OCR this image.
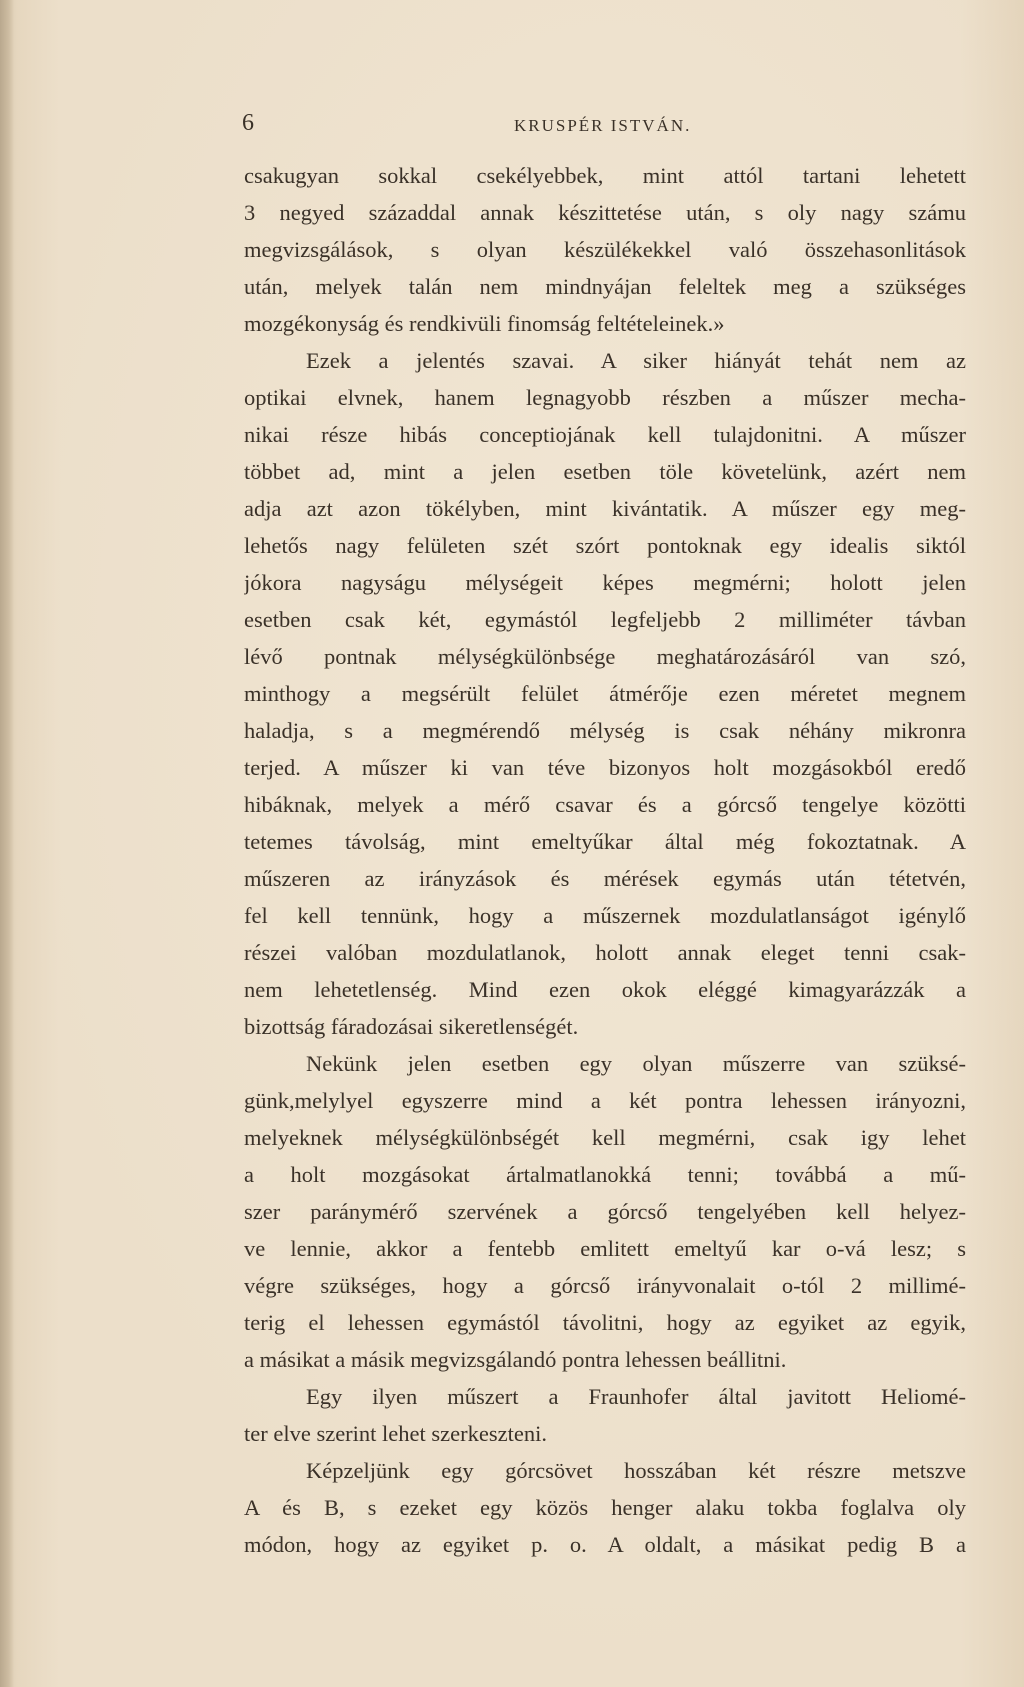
6	KRUSPÉR ISTVÁN.
csakugyan sokkal csekélyebbek, mint attól tartani lehetett
3 negyed századdal annak készittetése után, s oly nagy számu
megvizsgálások, s olyan készülékekkel való összehasonlitások
után, melyek talán nem mindnyájan feleltek meg a szükséges
mozgékonyság és rendkivüli finomság feltételeinek.»
Ezek a jelentés szavai. A siker hiányát tehát nem az
optikai elvnek, hanem legnagyobb részben a műszer mecha-
nikai része hibás conceptiojának kell tulajdonitni. A műszer
többet ad, mint a jelen esetben töle követelünk, azért nem
adja azt azon tökélyben, mint kivántatik. A műszer egy meg-
lehetős nagy felületen szét szórt pontoknak egy idealis siktól
jókora nagyságu mélységeit képes megmérni; holott jelen
esetben csak két, egymástól legfeljebb 2 milliméter távban
lévő pontnak mélységkülönbsége meghatározásáról van szó,
minthogy a megsérült felület átmérője ezen méretet megnem
haladja, s a megmérendő mélység is csak néhány mikronra
terjed. A műszer ki van téve bizonyos holt mozgásokból eredő
hibáknak, melyek a mérő csavar és a górcső tengelye közötti
tetemes távolság, mint emeltyűkar által még fokoztatnak. A
műszeren az irányzások és mérések egymás után tétetvén,
fel kell tennünk, hogy a műszernek mozdulatlanságot igénylő
részei valóban mozdulatlanok, holott annak eleget tenni csak-
nem lehetetlenség. Mind ezen okok eléggé kimagyarázzák a
bizottság fáradozásai sikeretlenségét.
Nekünk jelen esetben egy olyan műszerre van szüksé-
günk,melylyel egyszerre mind a két pontra lehessen irányozni,
melyeknek mélységkülönbségét kell megmérni, csak igy lehet
a holt mozgásokat ártalmatlanokká tenni; továbbá a mű-
szer paránymérő szervének a górcső tengelyében kell helyez-
ve lennie, akkor a fentebb emlitett emeltyű kar o-vá lesz; s
végre szükséges, hogy a górcső irányvonalait o-tól 2 millimé-
terig el lehessen egymástól távolitni, hogy az egyiket az egyik,
a másikat a másik megvizsgálandó pontra lehessen beállitni.
Egy ilyen műszert a Fraunhofer által javitott Heliomé-
ter elve szerint lehet szerkeszteni.
Képzeljünk egy górcsövet hosszában két részre metszve
A és B, s ezeket egy közös henger alaku tokba foglalva oly
módon, hogy az egyiket p. o. A oldalt, a másikat pedig B a
